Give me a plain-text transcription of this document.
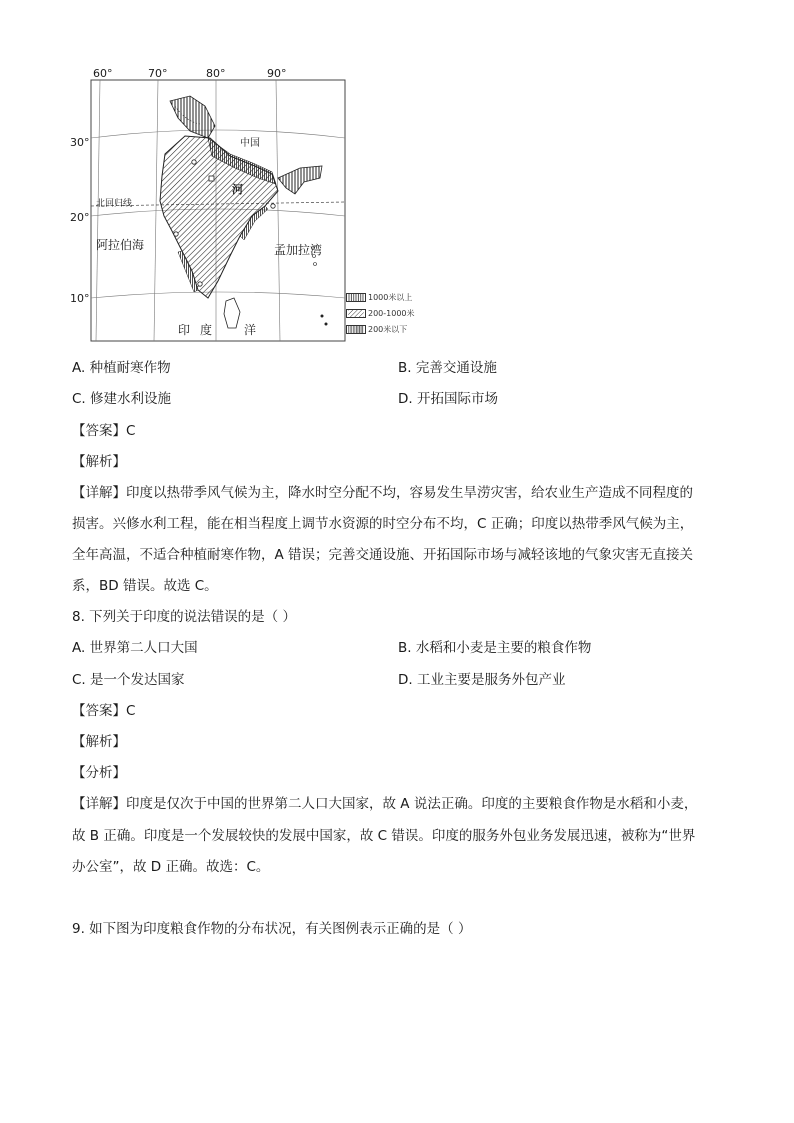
60°	70°	80°	90°
30°
20°
10°
中国
北回归线
河
阿拉伯海	孟加拉湾
印 度	洋
1000米以上
200-1000米
200米以下
A. 种植耐寒作物	B. 完善交通设施
C. 修建水利设施	D. 开拓国际市场
【答案】C
【解析】
【详解】印度以热带季风气候为主，降水时空分配不均，容易发生旱涝灾害，给农业生产造成不同程度的
损害。兴修水利工程，能在相当程度上调节水资源的时空分布不均，C 正确；印度以热带季风气候为主，
全年高温，不适合种植耐寒作物，A 错误；完善交通设施、开拓国际市场与减轻该地的气象灾害无直接关
系，BD 错误。故选 C。
8. 下列关于印度的说法错误的是（ ）
A. 世界第二人口大国	B. 水稻和小麦是主要的粮食作物
C. 是一个发达国家	D. 工业主要是服务外包产业
【答案】C
【解析】
【分析】
【详解】印度是仅次于中国的世界第二人口大国家，故 A 说法正确。印度的主要粮食作物是水稻和小麦，
故 B 正确。印度是一个发展较快的发展中国家，故 C 错误。印度的服务外包业务发展迅速，被称为“世界
办公室”，故 D 正确。故选：C。
9. 如下图为印度粮食作物的分布状况，有关图例表示正确的是（ ）
